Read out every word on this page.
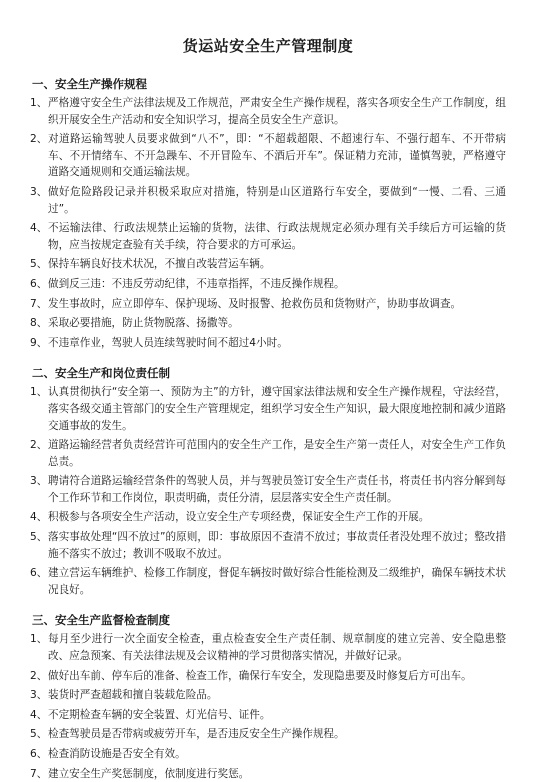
货运站安全生产管理制度
一、安全生产操作规程
1、 严格遵守安全生产法律法规及工作规范，严肃安全生产操作规程，落实各项安全生产工作制度，组织开展安全生产活动和安全知识学习，提高全员安全生产意识。
2、 对道路运输驾驶人员要求做到“八不”，即：“不超载超限、不超速行车、不强行超车、不开带病车、不开情绪车、不开急躁车、不开冒险车、不酒后开车”。保证精力充沛，谨慎驾驶，严格遵守道路交通规则和交通运输法规。
3、 做好危险路段记录并积极采取应对措施，特别是山区道路行车安全，要做到“一慢、二看、三通过”。
4、 不运输法律、行政法规禁止运输的货物，法律、行政法规规定必须办理有关手续后方可运输的货物，应当按规定查验有关手续，符合要求的方可承运。
5、 保持车辆良好技术状况，不擅自改装营运车辆。
6、 做到反三违：不违反劳动纪律，不违章指挥，不违反操作规程。
7、 发生事故时，应立即停车、保护现场、及时报警、抢救伤员和货物财产，协助事故调查。
8、 采取必要措施，防止货物脱落、扬撒等。
9、 不违章作业，驾驶人员连续驾驶时间不超过4小时。
二、安全生产和岗位责任制
1、 认真贯彻执行“安全第一、预防为主”的方针，遵守国家法律法规和安全生产操作规程，守法经营，落实各级交通主管部门的安全生产管理规定，组织学习安全生产知识，最大限度地控制和减少道路交通事故的发生。
2、 道路运输经营者负责经营许可范围内的安全生产工作，是安全生产第一责任人，对安全生产工作负总责。
3、 聘请符合道路运输经营条件的驾驶人员，并与驾驶员签订安全生产责任书，将责任书内容分解到每个工作环节和工作岗位，职责明确，责任分清，层层落实安全生产责任制。
4、 积极参与各项安全生产活动，设立安全生产专项经费，保证安全生产工作的开展。
5、 落实事故处理“四不放过”的原则，即：事故原因不查清不放过；事故责任者没处理不放过；整改措施不落实不放过；教训不吸取不放过。
6、 建立营运车辆维护、检修工作制度，督促车辆按时做好综合性能检测及二级维护，确保车辆技术状况良好。
三、安全生产监督检查制度
1、 每月至少进行一次全面安全检查，重点检查安全生产责任制、规章制度的建立完善、安全隐患整改、应急预案、有关法律法规及会议精神的学习贯彻落实情况，并做好记录。
2、 做好出车前、停车后的准备、检查工作，确保行车安全，发现隐患要及时修复后方可出车。
3、 装货时严查超载和擅自装载危险品。
4、 不定期检查车辆的安全装置、灯光信号、证件。
5、 检查驾驶员是否带病或疲劳开车，是否违反安全生产操作规程。
6、 检查消防设施是否安全有效。
7、 建立安全生产奖惩制度，依制度进行奖惩。
